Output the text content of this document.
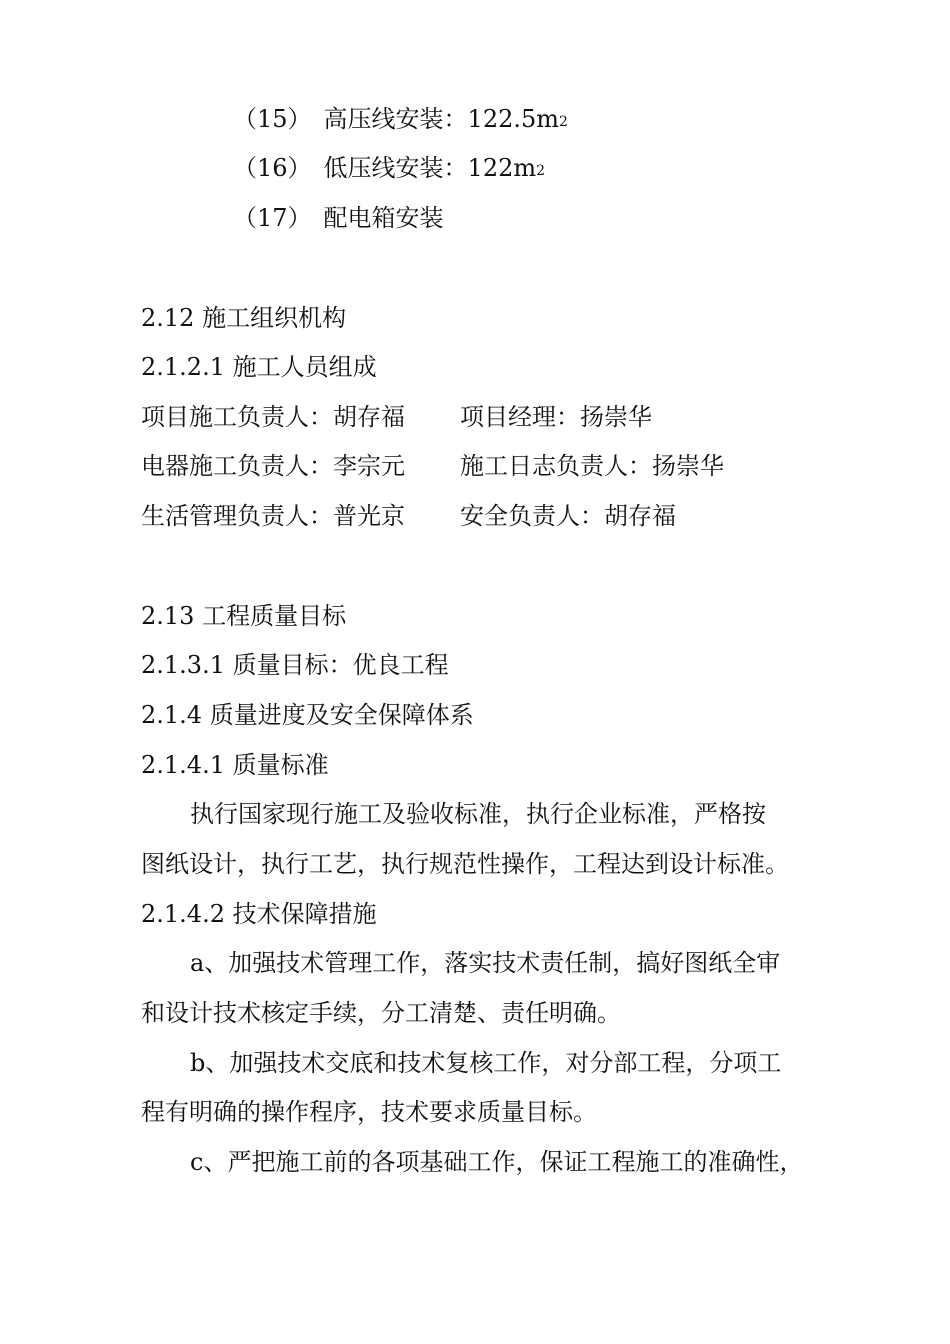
（15） 高压线安装：$122.5m^2$
（16） 低压线安装：$122m^2$
（17） 配电箱安装
2.12 施工组织机构
2.1.2.1 施工人员组成
项目施工负责人：胡存福 项目经理：扬崇华
电器施工负责人：李宗元 施工日志负责人：扬崇华
生活管理负责人：普光京 安全负责人：胡存福
2.13 工程质量目标
2.1.3.1 质量目标：优良工程
2.1.4 质量进度及安全保障体系
2.1.4.1 质量标准
执行国家现行施工及验收标准，执行企业标准，严格按
图纸设计，执行工艺，执行规范性操作，工程达到设计标准。
2.1.4.2 技术保障措施
a、加强技术管理工作，落实技术责任制，搞好图纸全审
和设计技术核定手续，分工清楚、责任明确。
b、加强技术交底和技术复核工作，对分部工程，分项工
程有明确的操作程序，技术要求质量目标。
c、严把施工前的各项基础工作，保证工程施工的准确性，
